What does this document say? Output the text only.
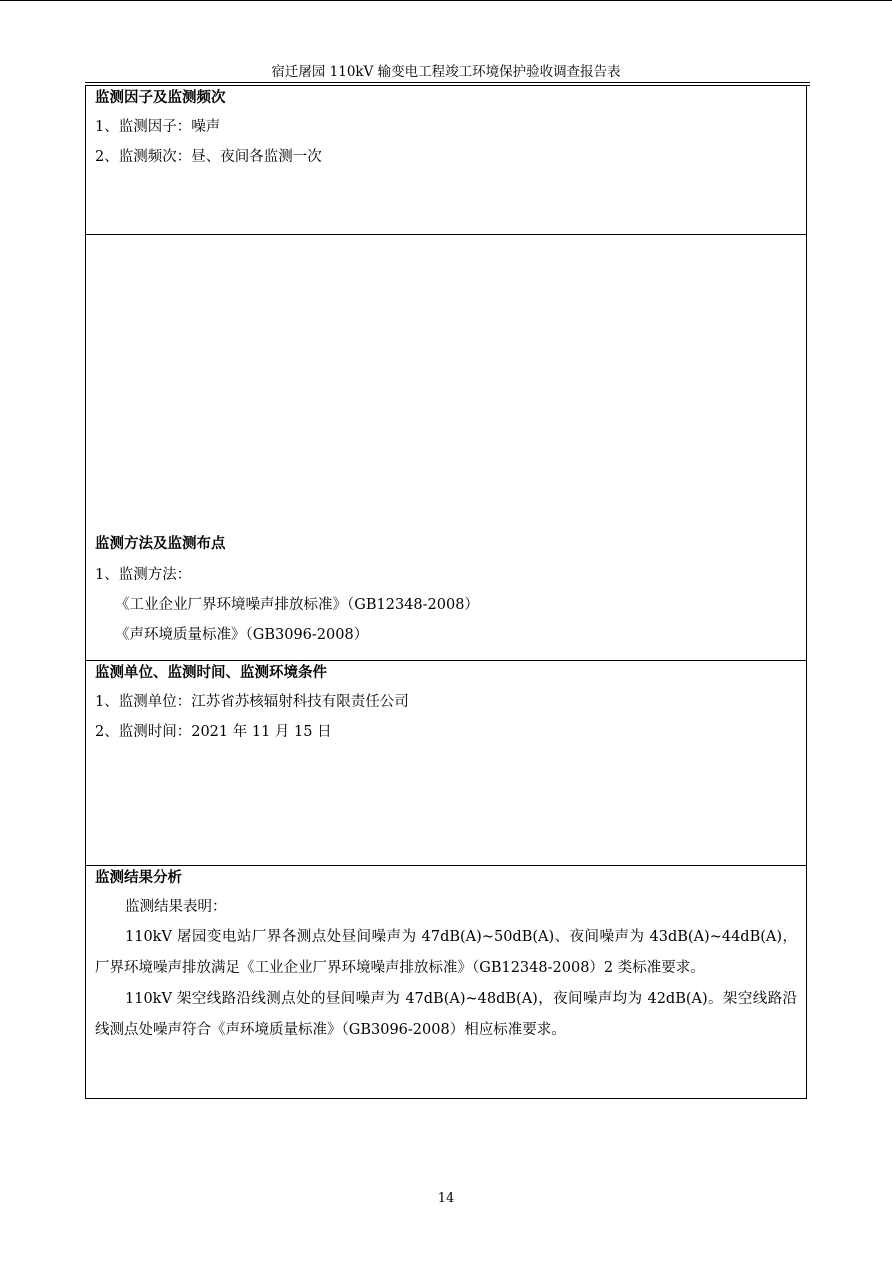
宿迁屠园 110kV 输变电工程竣工环境保护验收调查报告表
监测因子及监测频次
1、监测因子：噪声
2、监测频次：昼、夜间各监测一次
监测方法及监测布点
1、监测方法：
《工业企业厂界环境噪声排放标准》（GB12348-2008）
《声环境质量标准》（GB3096-2008）
监测单位、监测时间、监测环境条件
1、监测单位：江苏省苏核辐射科技有限责任公司
2、监测时间：2021 年 11 月 15 日
监测结果分析
监测结果表明：
110kV 屠园变电站厂界各测点处昼间噪声为 47dB(A)~50dB(A)、夜间噪声为 43dB(A)~44dB(A)，厂界环境噪声排放满足《工业企业厂界环境噪声排放标准》（GB12348-2008）2 类标准要求。
110kV 架空线路沿线测点处的昼间噪声为 47dB(A)~48dB(A)，夜间噪声均为 42dB(A)。架空线路沿线测点处噪声符合《声环境质量标准》（GB3096-2008）相应标准要求。
14
